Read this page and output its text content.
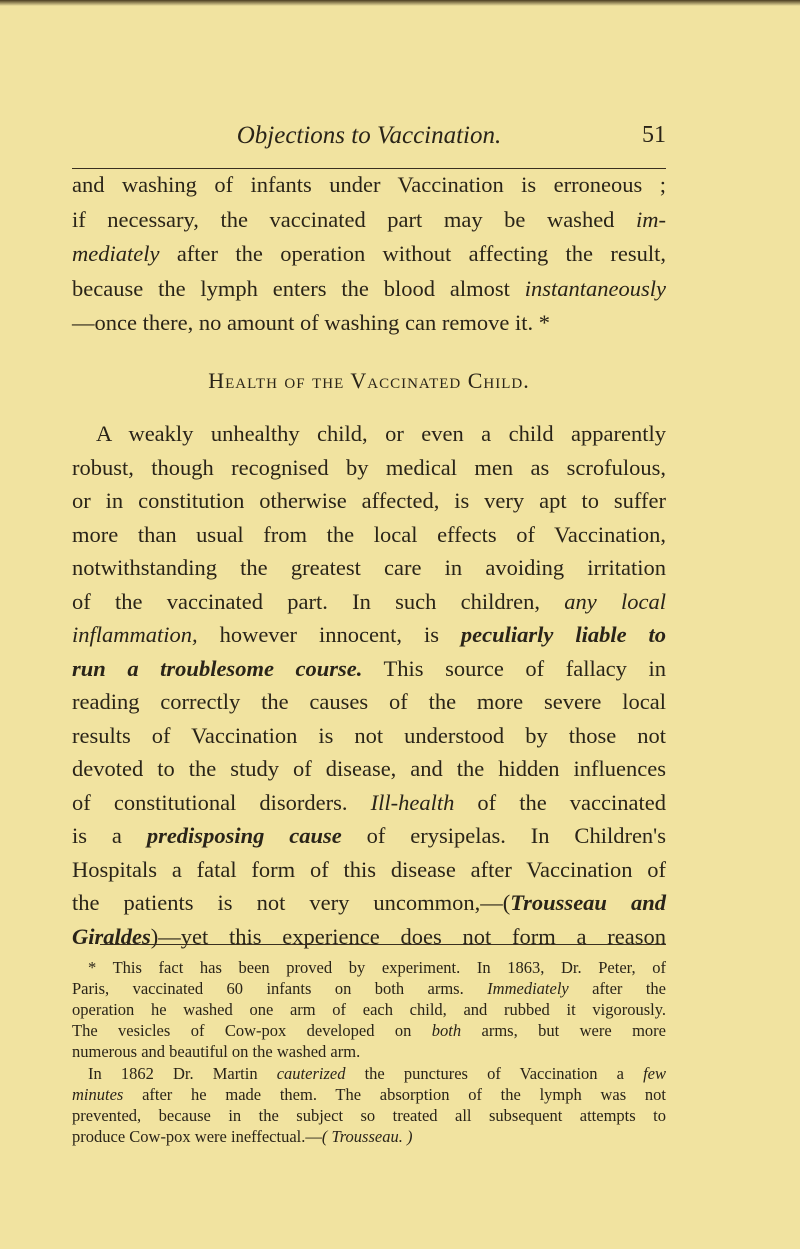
Objections to Vaccination.	51
and washing of infants under Vaccination is erroneous ;
if necessary, the vaccinated part may be washed im-
mediately after the operation without affecting the result,
because the lymph enters the blood almost instantaneously
—once there, no amount of washing can remove it. *
A weakly unhealthy child, or even a child apparently
robust, though recognised by medical men as scrofulous,
or in constitution otherwise affected, is very apt to suffer
more than usual from the local effects of Vaccination,
notwithstanding the greatest care in avoiding irritation
of the vaccinated part. In such children, any local
inflammation, however innocent, is peculiarly liable to
run a troublesome course. This source of fallacy in
reading correctly the causes of the more severe local
results of Vaccination is not understood by those not
devoted to the study of disease, and the hidden influences
of constitutional disorders. Ill-health of the vaccinated
is a predisposing cause of erysipelas. In Children's
Hospitals a fatal form of this disease after Vaccination of
the patients is not very uncommon,—(Trousseau and
Giraldes)—yet this experience does not form a reason
Health of the Vaccinated Child.
* This fact has been proved by experiment. In 1863, Dr. Peter, of
Paris, vaccinated 60 infants on both arms. Immediately after the
operation he washed one arm of each child, and rubbed it vigorously.
The vesicles of Cow-pox developed on both arms, but were more
numerous and beautiful on the washed arm.
In 1862 Dr. Martin cauterized the punctures of Vaccination a few
minutes after he made them. The absorption of the lymph was not
prevented, because in the subject so treated all subsequent attempts to
produce Cow-pox were ineffectual.—( Trousseau. )
